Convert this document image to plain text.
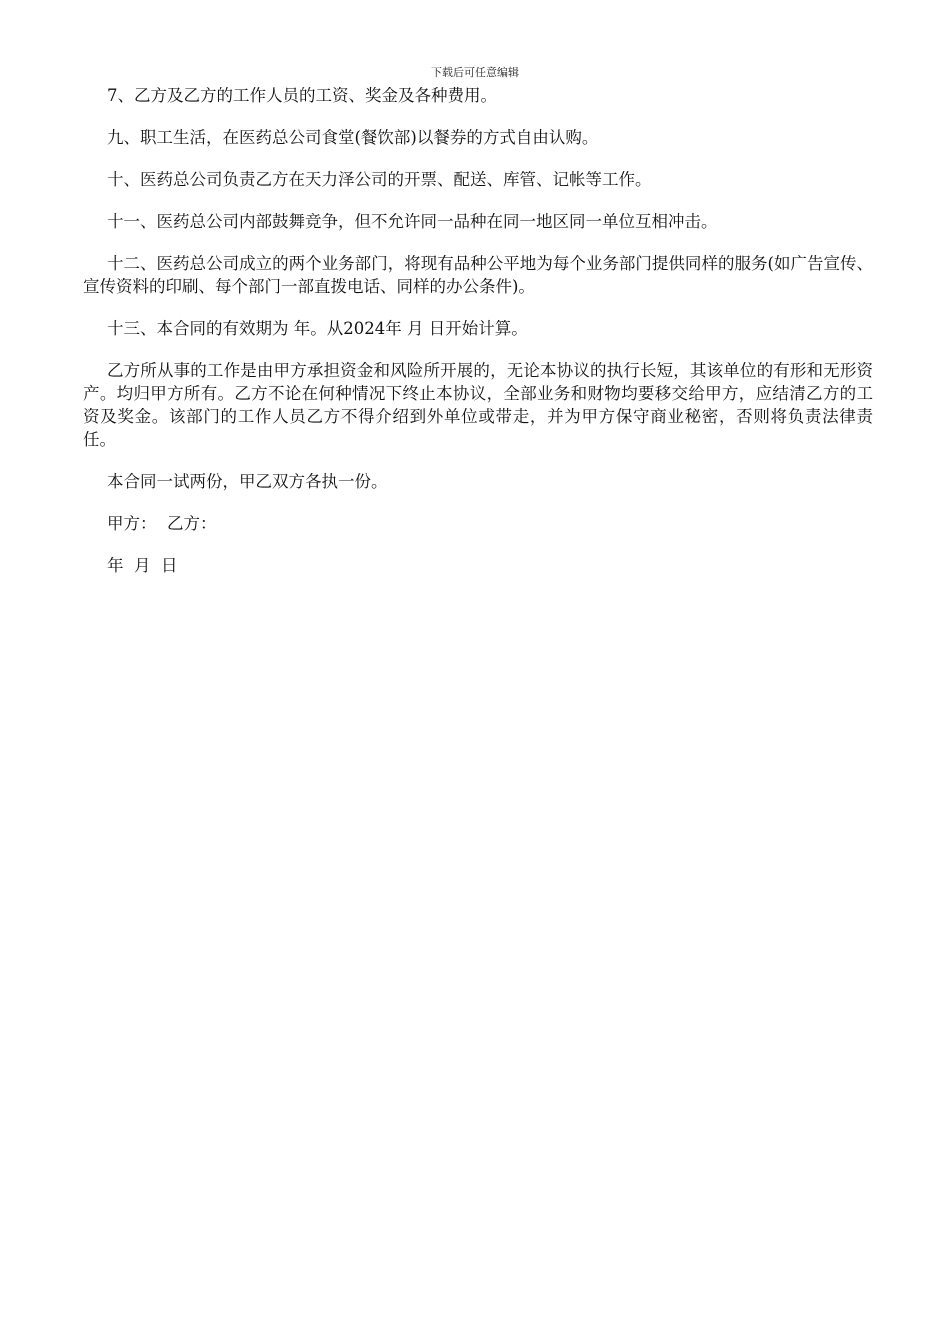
下载后可任意编辑

7、乙方及乙方的工作人员的工资、奖金及各种费用。

九、职工生活，在医药总公司食堂(餐饮部)以餐券的方式自由认购。

十、医药总公司负责乙方在天力泽公司的开票、配送、库管、记帐等工作。

十一、医药总公司内部鼓舞竞争，但不允许同一品种在同一地区同一单位互相冲击。

十二、医药总公司成立的两个业务部门，将现有品种公平地为每个业务部门提供同样的服务(如广告宣传、宣传资料的印刷、每个部门一部直拨电话、同样的办公条件)。

十三、本合同的有效期为 年。从2024年 月 日开始计算。

乙方所从事的工作是由甲方承担资金和风险所开展的，无论本协议的执行长短，其该单位的有形和无形资产。均归甲方所有。乙方不论在何种情况下终止本协议，全部业务和财物均要移交给甲方，应结清乙方的工资及奖金。该部门的工作人员乙方不得介绍到外单位或带走，并为甲方保守商业秘密，否则将负责法律责任。

本合同一试两份，甲乙双方各执一份。

甲方：  乙方：

年  月  日
